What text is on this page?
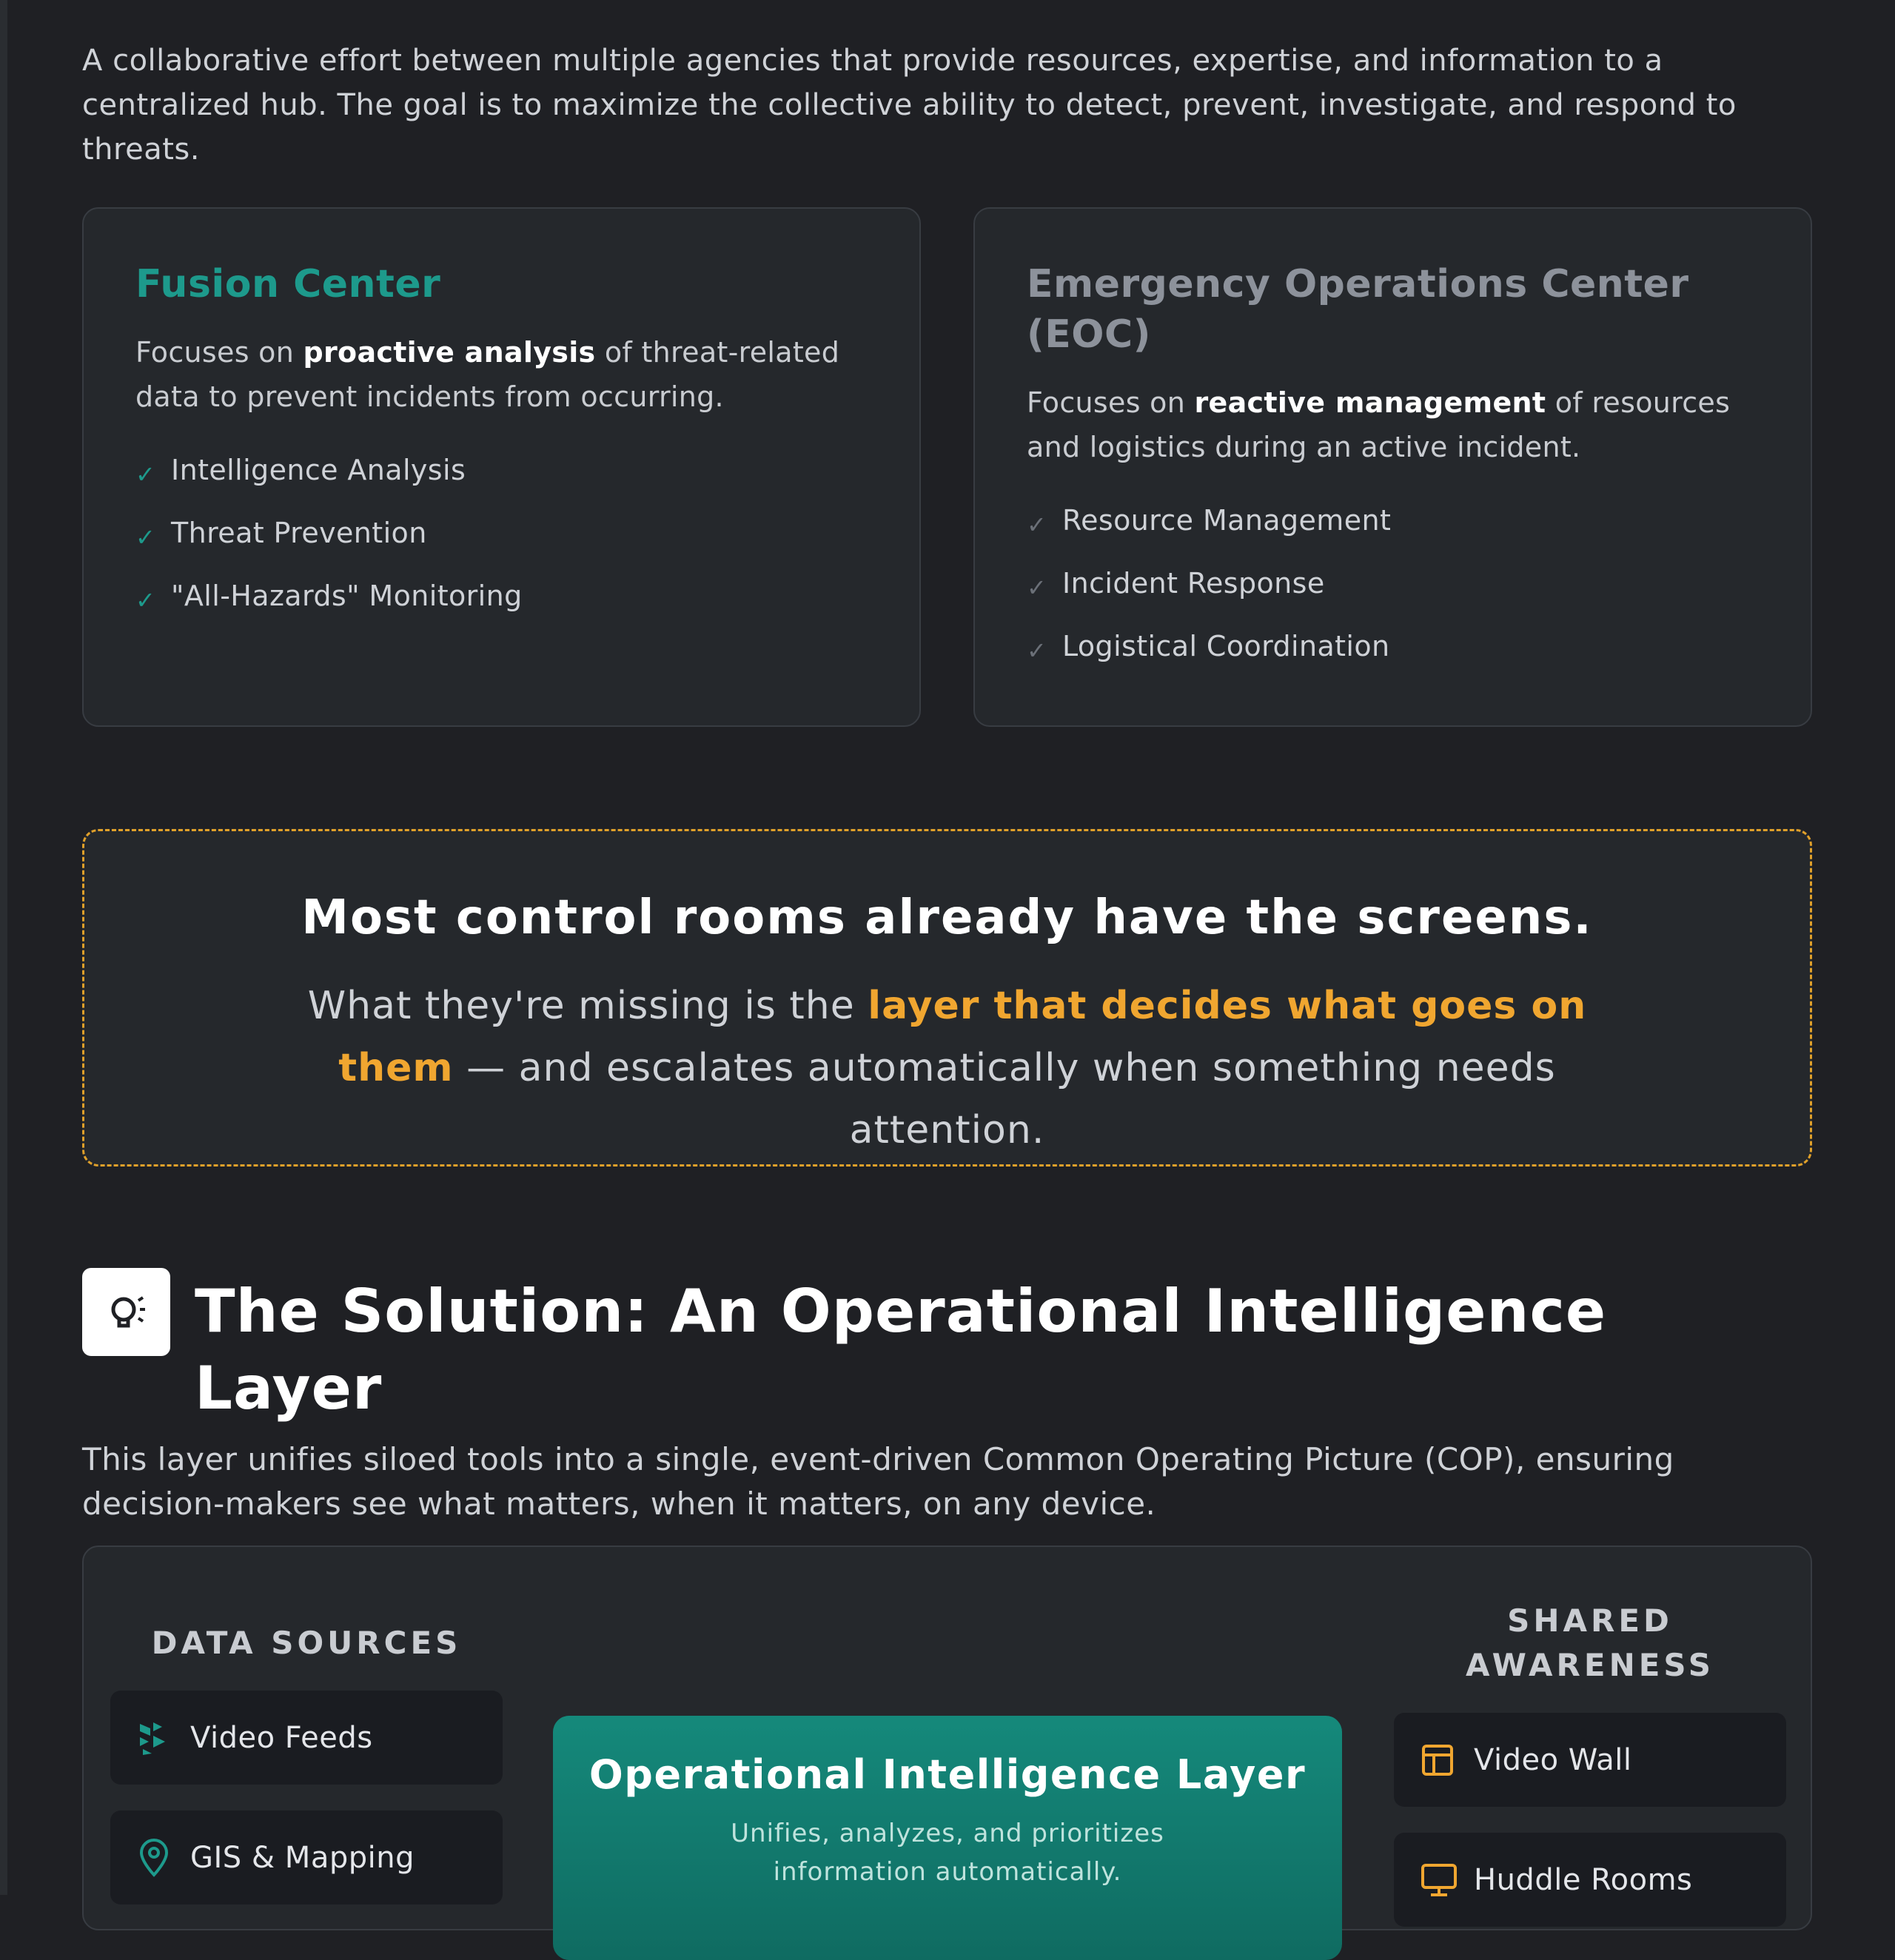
A collaborative effort between multiple agencies that provide resources, expertise, and information to a centralized hub. The goal is to maximize the collective ability to detect, prevent, investigate, and respond to threats.

Fusion Center
Focuses on proactive analysis of threat-related data to prevent incidents from occurring.
✓ Intelligence Analysis
✓ Threat Prevention
✓ "All-Hazards" Monitoring
Emergency Operations Center (EOC)
Focuses on reactive management of resources and logistics during an active incident.
✓ Resource Management
✓ Incident Response
✓ Logistical Coordination
Most control rooms already have the screens.
What they're missing is the layer that decides what goes on them — and escalates automatically when something needs attention.
The Solution: An Operational Intelligence Layer

This layer unifies siloed tools into a single, event-driven Common Operating Picture (COP), ensuring decision-makers see what matters, when it matters, on any device.

DATA SOURCES
Video Feeds
GIS & Mapping
Operational Intelligence Layer
Unifies, analyzes, and prioritizes information automatically.
SHARED AWARENESS
Video Wall
Huddle Rooms
